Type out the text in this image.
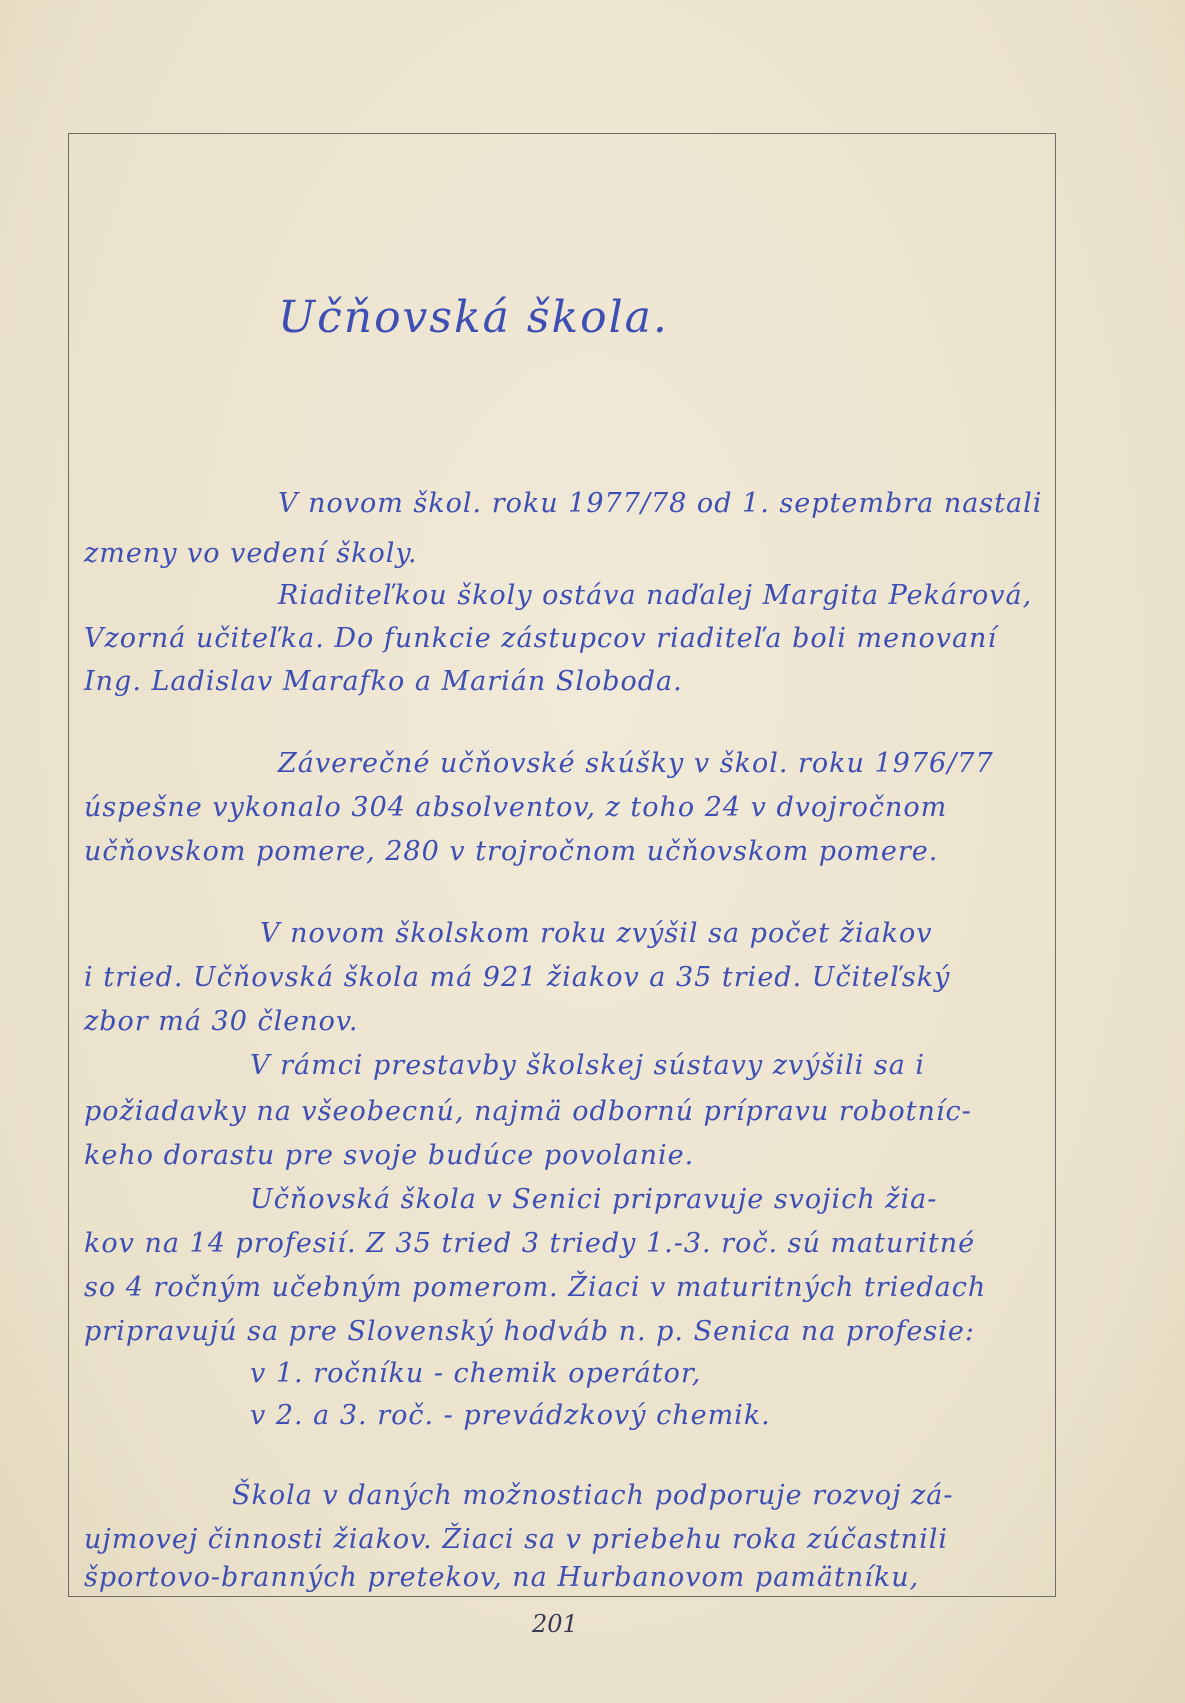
Učňovská škola.
V novom škol. roku 1977/78 od 1. septembra nastali
zmeny vo vedení školy.
Riaditeľkou školy ostáva naďalej Margita Pekárová,
Vzorná učiteľka. Do funkcie zástupcov riaditeľa boli menovaní
Ing. Ladislav Marafko a Marián Sloboda.
Záverečné učňovské skúšky v škol. roku 1976/77
úspešne vykonalo 304 absolventov, z toho 24 v dvojročnom
učňovskom pomere, 280 v trojročnom učňovskom pomere.
V novom školskom roku zvýšil sa počet žiakov
i tried. Učňovská škola má 921 žiakov a 35 tried. Učiteľský
zbor má 30 členov.
V rámci prestavby školskej sústavy zvýšili sa i
požiadavky na všeobecnú, najmä odbornú prípravu robotníc-
keho dorastu pre svoje budúce povolanie.
Učňovská škola v Senici pripravuje svojich žia-
kov na 14 profesií. Z 35 tried 3 triedy 1.-3. roč. sú maturitné
so 4 ročným učebným pomerom. Žiaci v maturitných triedach
pripravujú sa pre Slovenský hodváb n. p. Senica na profesie:
v 1. ročníku - chemik operátor,
v 2. a 3. roč. - prevádzkový chemik.
Škola v daných možnostiach podporuje rozvoj zá-
ujmovej činnosti žiakov. Žiaci sa v priebehu roka zúčastnili
športovo-branných pretekov, na Hurbanovom pamätníku,
201
